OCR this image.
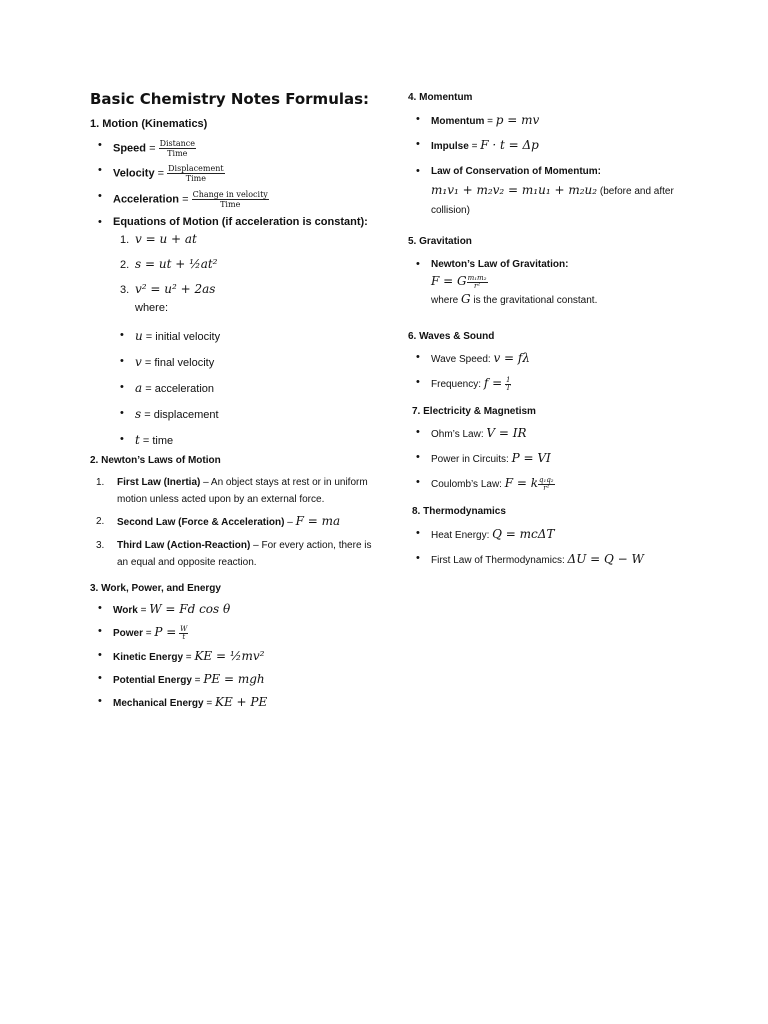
Basic Chemistry Notes Formulas:
1. Motion (Kinematics)
• Speed = $\frac{\text{Distance}}{\text{Time}}$
• Velocity = $\frac{\text{Displacement}}{\text{Time}}$
• Acceleration = $\frac{\text{Change in velocity}}{\text{Time}}$
• Equations of Motion (if acceleration is constant):
1. v = u + at
2. s = ut + ½at²
3. v² = u² + 2as
where:
• u = initial velocity
• v = final velocity
• a = acceleration
• s = displacement
• t = time
2. Newton’s Laws of Motion
1.	First Law (Inertia) – An object stays at rest or in uniform motion unless acted upon by an external force.
2.	Second Law (Force & Acceleration) – F = ma
3.	Third Law (Action-Reaction) – For every action, there is an equal and opposite reaction.
3. Work, Power, and Energy
• Work = W = Fd cos θ
• Power = $P = \frac{W}{t}$
• Kinetic Energy = KE = ½mv²
• Potential Energy = PE = mgh
• Mechanical Energy = KE + PE
4. Momentum
• Momentum = p = mv
• Impulse = F · t = Δp
• Law of Conservation of Momentum:
m₁v₁ + m₂v₂ = m₁u₁ + m₂u₂ (before and after collision)
5. Gravitation
• Newton’s Law of Gravitation:
F = G $\frac{\text{m₁m₂}}{\text{r²}}$

where G is the gravitational constant.
6. Waves & Sound
• Wave Speed: v = fλ
• Frequency: $f = \frac{1}{T}$
7. Electricity & Magnetism
• Ohm’s Law: V = IR
• Power in Circuits: P = VI
• Coulomb’s Law: F = k $\frac{\text{q₁q₂}}{\text{r²}}$
8. Thermodynamics
• Heat Energy: Q = mcΔT
• First Law of Thermodynamics: ΔU = Q − W
